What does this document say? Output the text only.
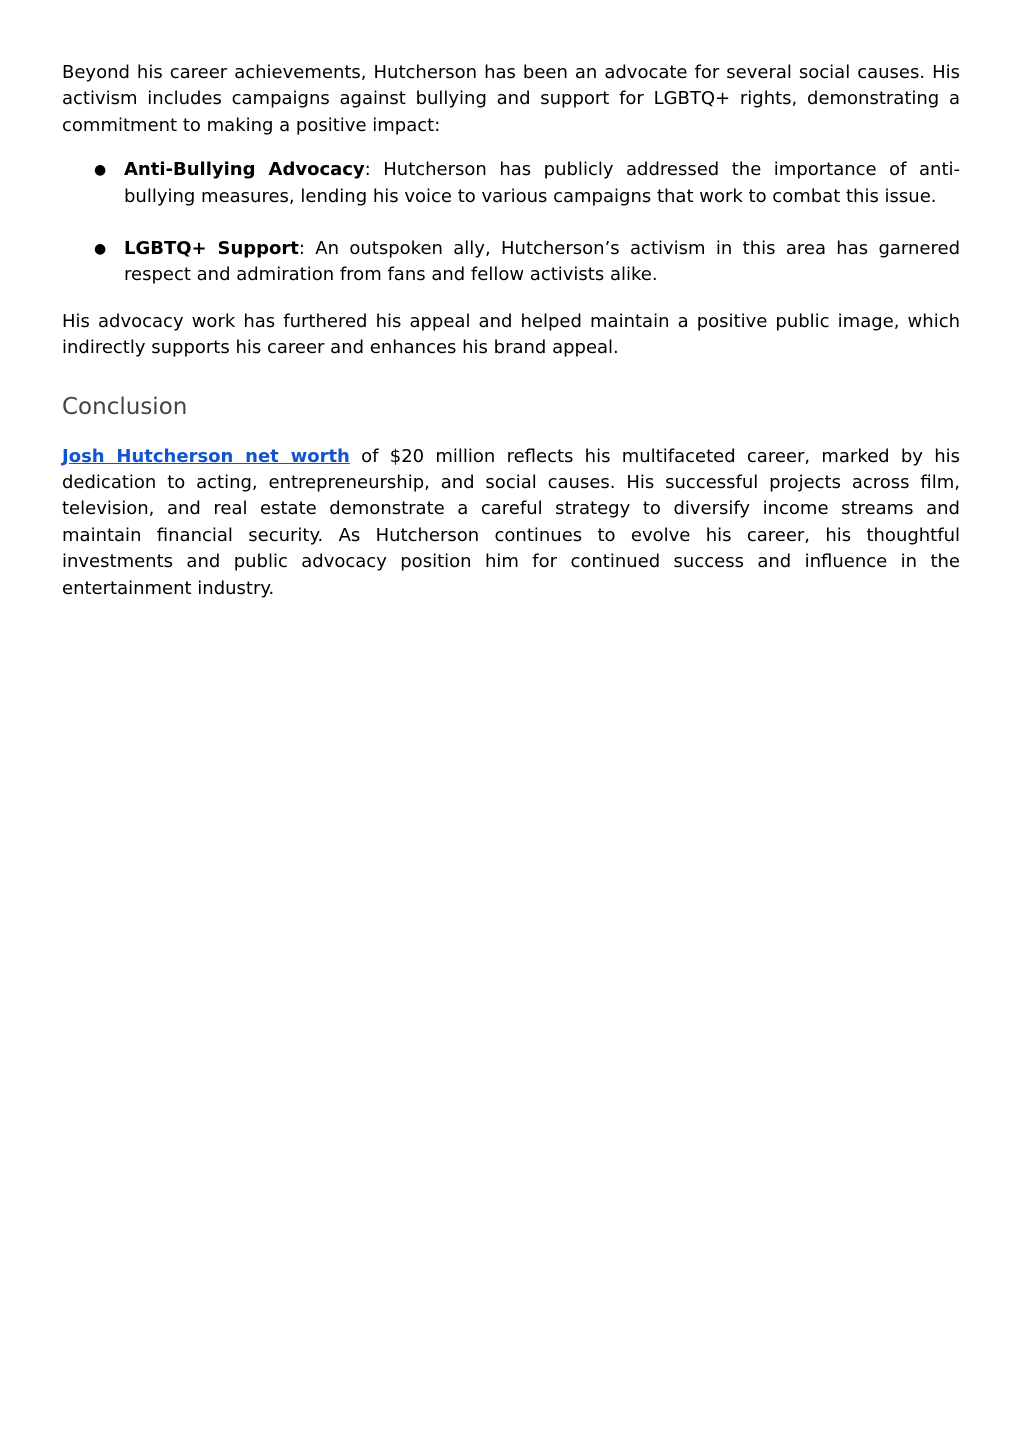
Beyond his career achievements, Hutcherson has been an advocate for several social causes. His activism includes campaigns against bullying and support for LGBTQ+ rights, demonstrating a commitment to making a positive impact:

● Anti-Bullying Advocacy: Hutcherson has publicly addressed the importance of anti-bullying measures, lending his voice to various campaigns that work to combat this issue.
● LGBTQ+ Support: An outspoken ally, Hutcherson’s activism in this area has garnered respect and admiration from fans and fellow activists alike.

His advocacy work has furthered his appeal and helped maintain a positive public image, which indirectly supports his career and enhances his brand appeal.

Conclusion

Josh Hutcherson net worth of $20 million reflects his multifaceted career, marked by his dedication to acting, entrepreneurship, and social causes. His successful projects across film, television, and real estate demonstrate a careful strategy to diversify income streams and maintain financial security. As Hutcherson continues to evolve his career, his thoughtful investments and public advocacy position him for continued success and influence in the entertainment industry.
